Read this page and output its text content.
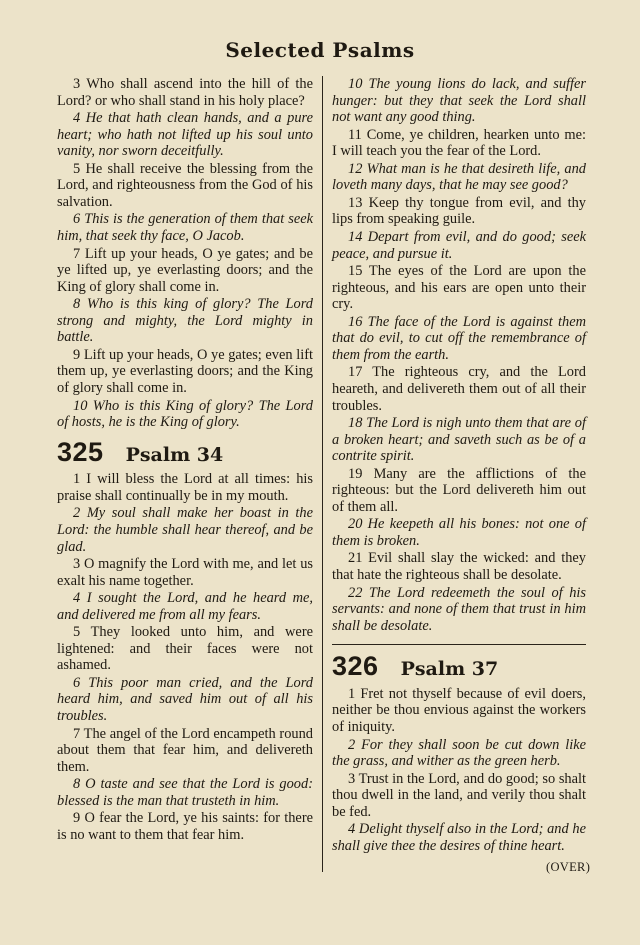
Selected Psalms

3 Who shall ascend into the hill of the Lord? or who shall stand in his holy place?

4 He that hath clean hands, and a pure heart; who hath not lifted up his soul unto vanity, nor sworn deceitfully.

5 He shall receive the blessing from the Lord, and righteousness from the God of his salvation.

6 This is the generation of them that seek him, that seek thy face, O Jacob.

7 Lift up your heads, O ye gates; and be ye lifted up, ye everlasting doors; and the King of glory shall come in.

8 Who is this king of glory? The Lord strong and mighty, the Lord mighty in battle.

9 Lift up your heads, O ye gates; even lift them up, ye everlasting doors; and the King of glory shall come in.

10 Who is this King of glory? The Lord of hosts, he is the King of glory.

325 Psalm 34

1 I will bless the Lord at all times: his praise shall continually be in my mouth.

2 My soul shall make her boast in the Lord: the humble shall hear thereof, and be glad.

3 O magnify the Lord with me, and let us exalt his name together.

4 I sought the Lord, and he heard me, and delivered me from all my fears.

5 They looked unto him, and were lightened: and their faces were not ashamed.

6 This poor man cried, and the Lord heard him, and saved him out of all his troubles.

7 The angel of the Lord encampeth round about them that fear him, and delivereth them.

8 O taste and see that the Lord is good: blessed is the man that trusteth in him.

9 O fear the Lord, ye his saints: for there is no want to them that fear him.

10 The young lions do lack, and suffer hunger: but they that seek the Lord shall not want any good thing.

11 Come, ye children, hearken unto me: I will teach you the fear of the Lord.

12 What man is he that desireth life, and loveth many days, that he may see good?

13 Keep thy tongue from evil, and thy lips from speaking guile.

14 Depart from evil, and do good; seek peace, and pursue it.

15 The eyes of the Lord are upon the righteous, and his ears are open unto their cry.

16 The face of the Lord is against them that do evil, to cut off the remembrance of them from the earth.

17 The righteous cry, and the Lord heareth, and delivereth them out of all their troubles.

18 The Lord is nigh unto them that are of a broken heart; and saveth such as be of a contrite spirit.

19 Many are the afflictions of the righteous: but the Lord delivereth him out of them all.

20 He keepeth all his bones: not one of them is broken.

21 Evil shall slay the wicked: and they that hate the righteous shall be desolate.

22 The Lord redeemeth the soul of his servants: and none of them that trust in him shall be desolate.

326 Psalm 37

1 Fret not thyself because of evil doers, neither be thou envious against the workers of iniquity.

2 For they shall soon be cut down like the grass, and wither as the green herb.

3 Trust in the Lord, and do good; so shalt thou dwell in the land, and verily thou shalt be fed.

4 Delight thyself also in the Lord; and he shall give thee the desires of thine heart.

(OVER)
